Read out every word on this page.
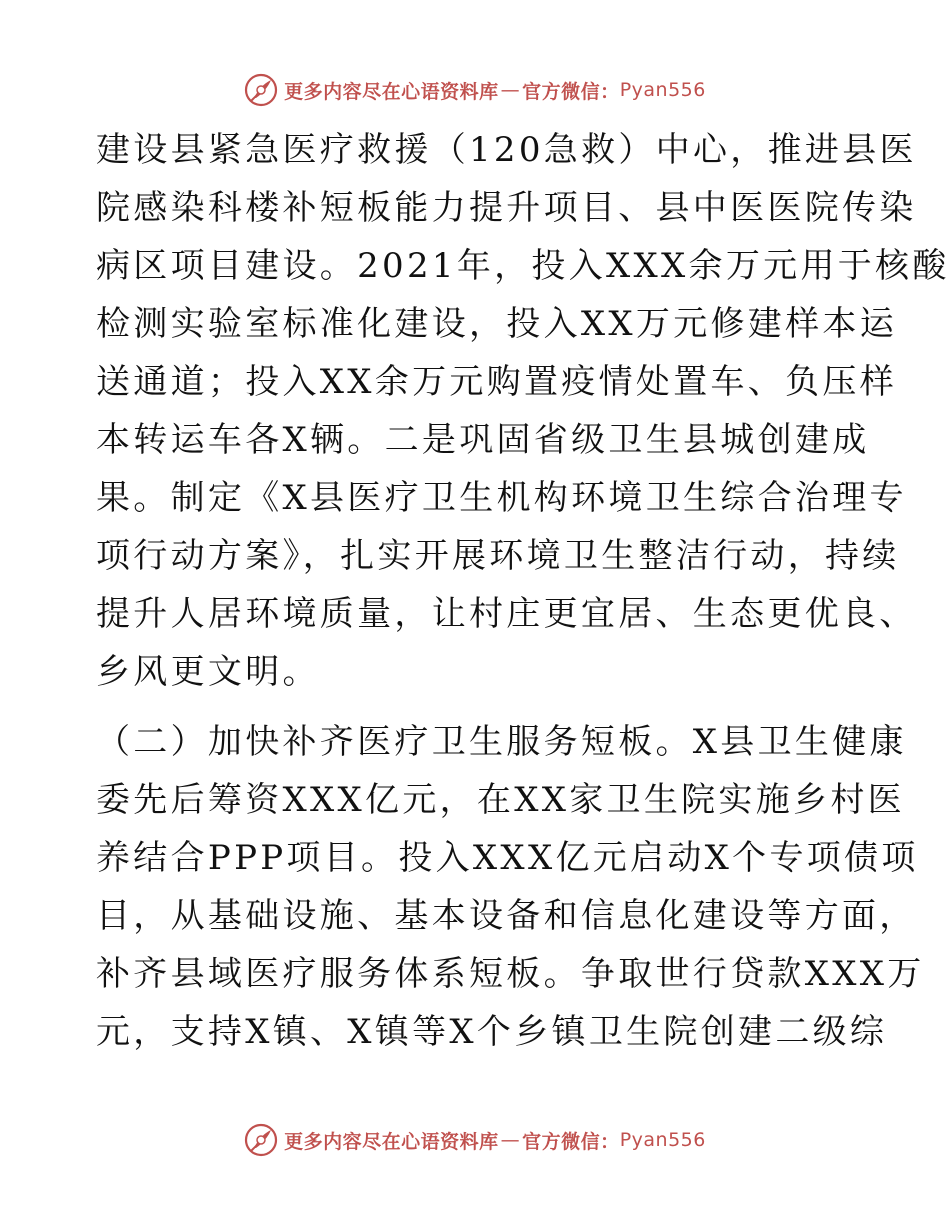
更多内容尽在心语资料库 — 官方微信： Pyan556

建设县紧急医疗救援（120急救）中心，推进县医
院感染科楼补短板能力提升项目、县中医医院传染
病区项目建设。2021年，投入XXX余万元用于核酸
检测实验室标准化建设，投入XX万元修建样本运
送通道；投入XX余万元购置疫情处置车、负压样
本转运车各X辆。二是巩固省级卫生县城创建成
果。制定《X县医疗卫生机构环境卫生综合治理专
项行动方案》，扎实开展环境卫生整洁行动，持续
提升人居环境质量，让村庄更宜居、生态更优良、
乡风更文明。

（二）加快补齐医疗卫生服务短板。X县卫生健康
委先后筹资XXX亿元，在XX家卫生院实施乡村医
养结合PPP项目。投入XXX亿元启动X个专项债项
目，从基础设施、基本设备和信息化建设等方面，
补齐县域医疗服务体系短板。争取世行贷款XXX万
元，支持X镇、X镇等X个乡镇卫生院创建二级综

更多内容尽在心语资料库 — 官方微信： Pyan556
